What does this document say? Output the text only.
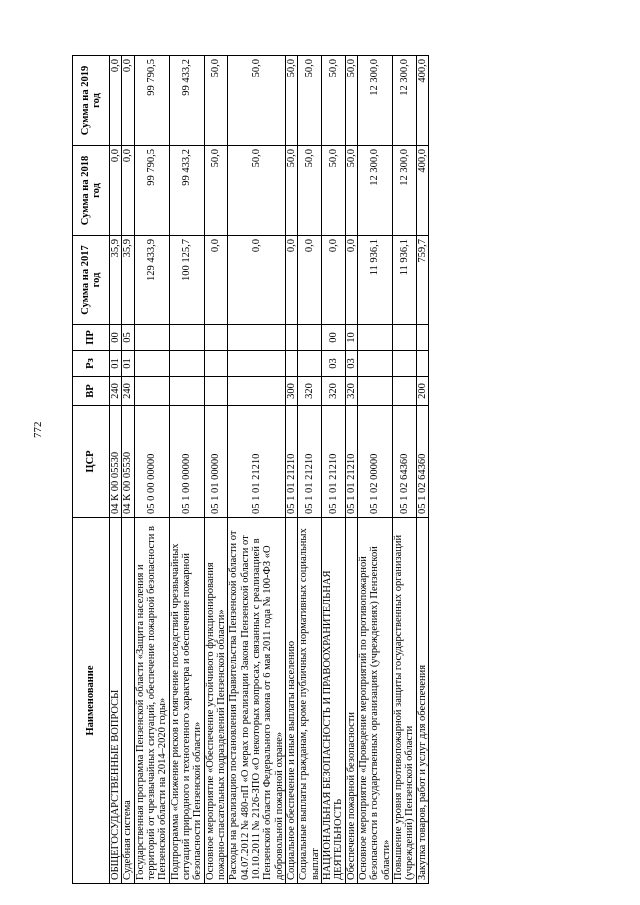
772
Наименование	ЦСР	ВР	Рз	ПР	Сумма на 2017 год	Сумма на 2018 год	Сумма на 2019 год
ОБЩЕГОСУДАРСТВЕННЫЕ ВОПРОСЫ	04 К 00 05530	240	01	00	35,9	0,0	0,0
Судебная система	04 К 00 05530	240	01	05	35,9	0,0	0,0
Государственная программа Пензенской области «Защита населения и территорий от чрезвычайных ситуаций, обеспечение пожарной безопасности в Пензенской области на 2014–2020 годы»	05 0 00 00000				129 433,9	99 790,5	99 790,5
Подпрограмма «Снижение рисков и смягчение последствий чрезвычайных ситуаций природного и техногенного характера и обеспечение пожарной безопасности Пензенской области»	05 1 00 00000				100 125,7	99 433,2	99 433,2
Основное мероприятие «Обеспечение устойчивого функционирования пожарно-спасательных подразделений Пензенской области»	05 1 01 00000				0,0	50,0	50,0
Расходы на реализацию постановления Правительства Пензенской области от 04.07.2012 № 480-пП «О мерах по реализации Закона Пензенской области от 10.10.2011 № 2126-ЗПО «О некоторых вопросах, связанных с реализацией в Пензенской области Федерального закона от 6 мая 2011 года № 100-ФЗ «О добровольной пожарной охране»	05 1 01 21210				0,0	50,0	50,0
Социальное обеспечение и иные выплаты населению	05 1 01 21210	300			0,0	50,0	50,0
Социальные выплаты гражданам, кроме публичных нормативных социальных выплат	05 1 01 21210	320			0,0	50,0	50,0
НАЦИОНАЛЬНАЯ БЕЗОПАСНОСТЬ И ПРАВООХРАНИТЕЛЬНАЯ ДЕЯТЕЛЬНОСТЬ	05 1 01 21210	320	03	00	0,0	50,0	50,0
Обеспечение пожарной безопасности	05 1 01 21210	320	03	10	0,0	50,0	50,0
Основное мероприятие «Проведение мероприятий по противопожарной безопасности в государственных организациях (учреждениях) Пензенской области»	05 1 02 00000				11 936,1	12 300,0	12 300,0
Повышение уровня противопожарной защиты государственных организаций (учреждений) Пензенской области	05 1 02 64360				11 936,1	12 300,0	12 300,0
Закупка товаров, работ и услуг для обеспечения	05 1 02 64360	200			759,7	400,0	400,0
